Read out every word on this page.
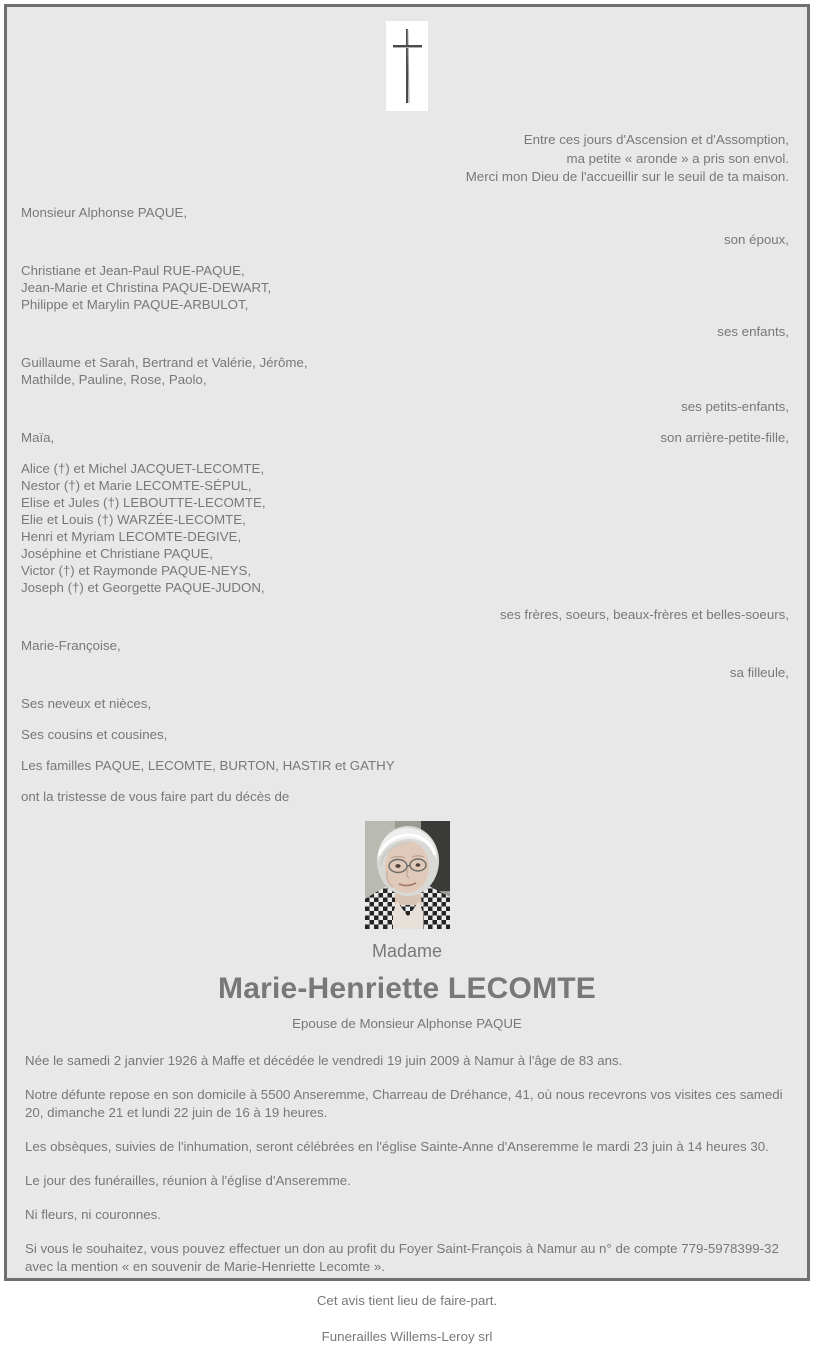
Entre ces jours d'Ascension et d'Assomption,
ma petite « aronde » a pris son envol.
Merci mon Dieu de l'accueillir sur le seuil de ta maison.
Monsieur Alphonse PAQUE,
son époux,
Christiane et Jean-Paul RUE-PAQUE,
Jean-Marie et Christina PAQUE-DEWART,
Philippe et Marylin PAQUE-ARBULOT,
ses enfants,
Guillaume et Sarah, Bertrand et Valérie, Jérôme,
Mathilde, Pauline, Rose, Paolo,
ses petits-enfants,
Maïa,	son arrière-petite-fille,
Alice (†) et Michel JACQUET-LECOMTE,
Nestor (†) et Marie LECOMTE-SÉPUL,
Elise et Jules (†) LEBOUTTE-LECOMTE,
Elie et Louis (†) WARZÉE-LECOMTE,
Henri et Myriam LECOMTE-DEGIVE,
Joséphine et Christiane PAQUE,
Victor (†) et Raymonde PAQUE-NEYS,
Joseph (†) et Georgette PAQUE-JUDON,
ses frères, soeurs, beaux-frères et belles-soeurs,
Marie-Françoise,
sa filleule,
Ses neveux et nièces,
Ses cousins et cousines,
Les familles PAQUE, LECOMTE, BURTON, HASTIR et GATHY
ont la tristesse de vous faire part du décès de
Madame
Marie-Henriette LECOMTE
Epouse de Monsieur Alphonse PAQUE

Née le samedi 2 janvier 1926 à Maffe et décédée le vendredi 19 juin 2009 à Namur à l'âge de 83 ans.

Notre défunte repose en son domicile à 5500 Anseremme, Charreau de Dréhance, 41, où nous recevrons vos visites ces samedi 20, dimanche 21 et lundi 22 juin de 16 à 19 heures.

Les obsèques, suivies de l'inhumation, seront célébrées en l'église Sainte-Anne d'Anseremme le mardi 23 juin à 14 heures 30.

Le jour des funérailles, réunion à l'église d'Anseremme.

Ni fleurs, ni couronnes.

Si vous le souhaitez, vous pouvez effectuer un don au profit du Foyer Saint-François à Namur au n° de compte 779-5978399-32 avec la mention « en souvenir de Marie-Henriette Lecomte ».

Cet avis tient lieu de faire-part.

Funerailles Willems-Leroy srl
